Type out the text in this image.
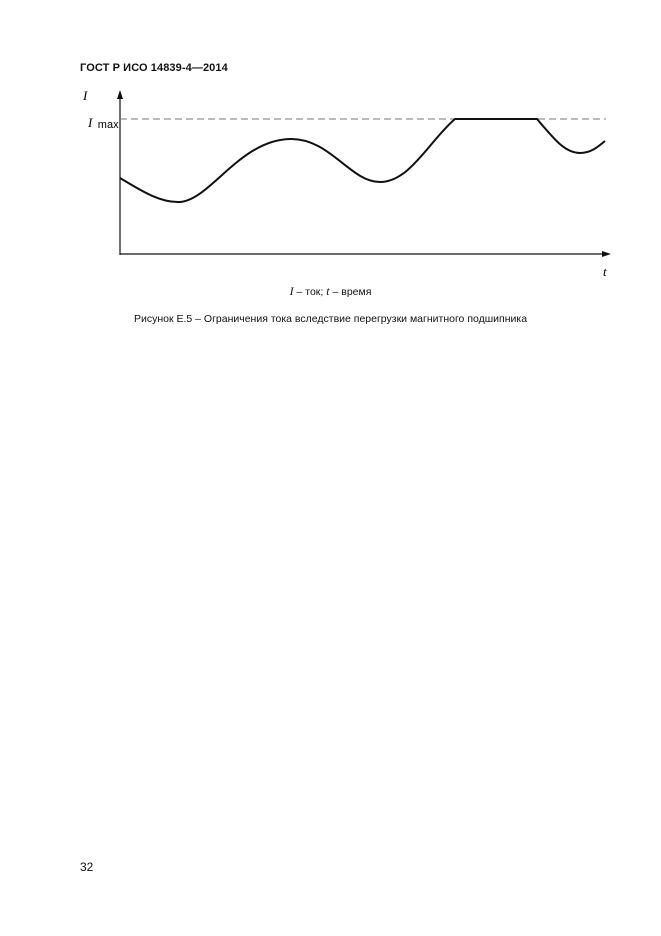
ГОСТ Р ИСО 14839-4—2014
I
t
I max
I – ток; t – время
Рисунок Е.5 – Ограничения тока вследствие перегрузки магнитного подшипника
32
